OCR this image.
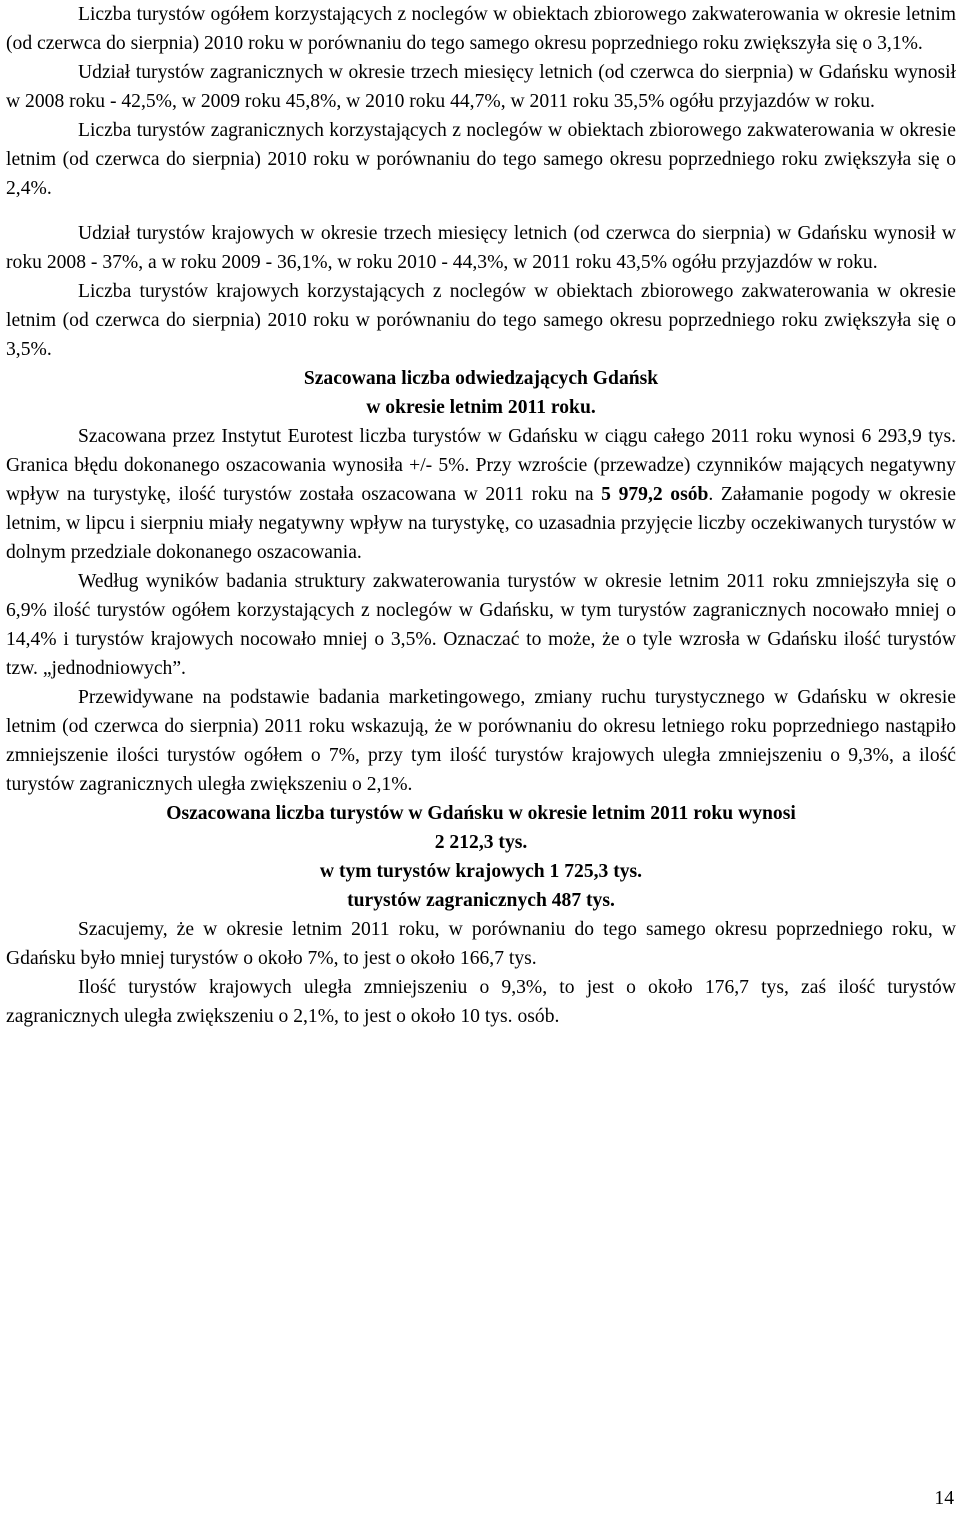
Liczba turystów ogółem korzystających z noclegów w obiektach zbiorowego zakwaterowania w okresie letnim (od czerwca do sierpnia) 2010 roku w porównaniu do tego samego okresu poprzedniego roku zwiększyła się o 3,1%.

Udział turystów zagranicznych w okresie trzech miesięcy letnich (od czerwca do sierpnia) w Gdańsku wynosił w 2008 roku - 42,5%, w 2009 roku 45,8%, w 2010 roku 44,7%, w 2011 roku 35,5% ogółu przyjazdów w roku.

Liczba turystów zagranicznych korzystających z noclegów w obiektach zbiorowego zakwaterowania w okresie letnim (od czerwca do sierpnia) 2010 roku w porównaniu do tego samego okresu poprzedniego roku zwiększyła się o 2,4%.

Udział turystów krajowych w okresie trzech miesięcy letnich (od czerwca do sierpnia) w Gdańsku wynosił w roku 2008 - 37%, a w roku 2009 - 36,1%, w roku 2010 - 44,3%, w 2011 roku 43,5% ogółu przyjazdów w roku.

Liczba turystów krajowych korzystających z noclegów w obiektach zbiorowego zakwaterowania w okresie letnim (od czerwca do sierpnia) 2010 roku w porównaniu do tego samego okresu poprzedniego roku zwiększyła się o 3,5%.

Szacowana liczba odwiedzających Gdańsk
w okresie letnim 2011 roku.

Szacowana przez Instytut Eurotest liczba turystów w Gdańsku w ciągu całego 2011 roku wynosi 6 293,9 tys. Granica błędu dokonanego oszacowania wynosiła +/- 5%. Przy wzroście (przewadze) czynników mających negatywny wpływ na turystykę, ilość turystów została oszacowana w 2011 roku na 5 979,2 osób. Załamanie pogody w okresie letnim, w lipcu i sierpniu miały negatywny wpływ na turystykę, co uzasadnia przyjęcie liczby oczekiwanych turystów w dolnym przedziale dokonanego oszacowania.

Według wyników badania struktury zakwaterowania turystów w okresie letnim 2011 roku zmniejszyła się o 6,9% ilość turystów ogółem korzystających z noclegów w Gdańsku, w tym turystów zagranicznych nocowało mniej o 14,4% i turystów krajowych nocowało mniej o 3,5%. Oznaczać to może, że o tyle wzrosła w Gdańsku ilość turystów tzw. „jednodniowych”.

Przewidywane na podstawie badania marketingowego, zmiany ruchu turystycznego w Gdańsku w okresie letnim (od czerwca do sierpnia) 2011 roku wskazują, że w porównaniu do okresu letniego roku poprzedniego nastąpiło zmniejszenie ilości turystów ogółem o 7%, przy tym ilość turystów krajowych uległa zmniejszeniu o 9,3%, a ilość turystów zagranicznych uległa zwiększeniu o 2,1%.

Oszacowana liczba turystów w Gdańsku w okresie letnim 2011 roku wynosi
2 212,3 tys.
w tym turystów krajowych 1 725,3 tys.
turystów zagranicznych 487 tys.

Szacujemy, że w okresie letnim 2011 roku, w porównaniu do tego samego okresu poprzedniego roku, w Gdańsku było mniej turystów o około 7%, to jest o około 166,7 tys.

Ilość turystów krajowych uległa zmniejszeniu o 9,3%, to jest o około 176,7 tys, zaś ilość turystów zagranicznych uległa zwiększeniu o 2,1%, to jest o około 10 tys. osób.

14
